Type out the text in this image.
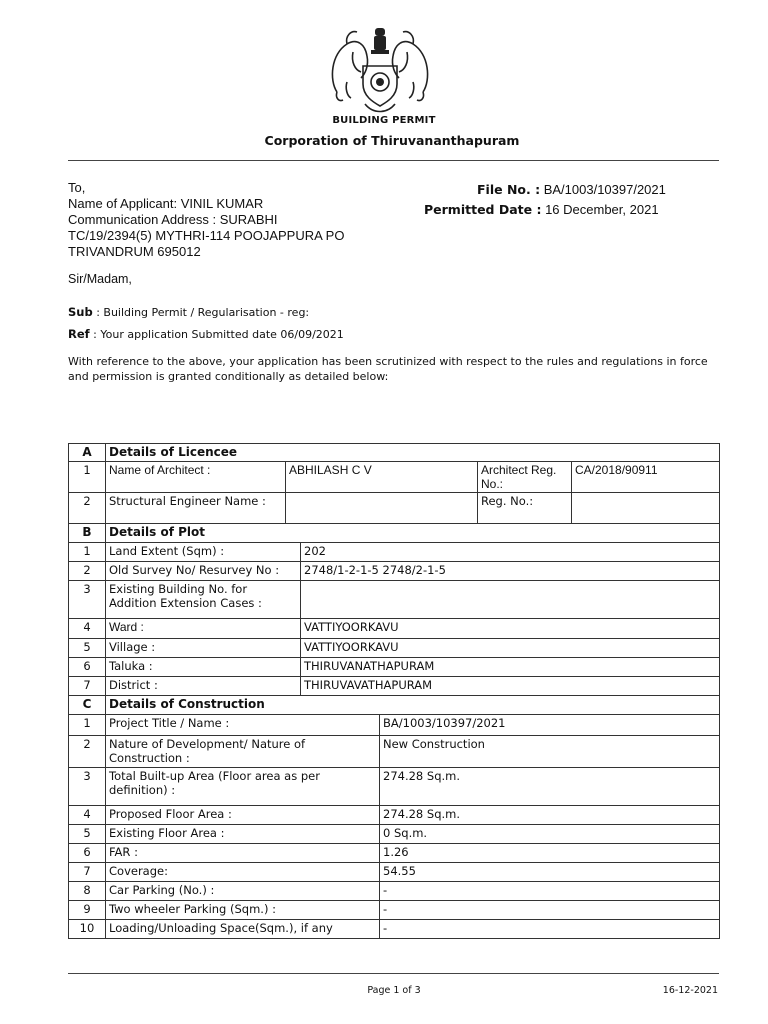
BUILDING PERMIT
Corporation of Thiruvananthapuram
To,
Name of Applicant: VINIL KUMAR
Communication Address : SURABHI
TC/19/2394(5) MYTHRI-114 POOJAPPURA PO
TRIVANDRUM 695012
File No. : BA/1003/10397/2021
Permitted Date : 16 December, 2021
Sir/Madam,
Sub : Building Permit / Regularisation - reg:
Ref : Your application Submitted date 06/09/2021
With reference to the above, your application has been scrutinized with respect to the rules and regulations in force and permission is granted conditionally as detailed below:
A	Details of Licencee					
1	Name of Architect :	ABHILASH C V			Architect Reg. No.:	CA/2018/90911
2	Structural Engineer Name :				Reg. No.:	
B	Details of Plot					
1	Land Extent (Sqm) :		202			
2	Old Survey No/ Resurvey No :		2748/1-2-1-5 2748/2-1-5			
3	Existing Building No. for Addition Extension Cases :					
4	Ward :		VATTIYOORKAVU			
5	Village :		VATTIYOORKAVU			
6	Taluka :		THIRUVANATHAPURAM			
7	District :		THIRUVAVATHAPURAM			
C	Details of Construction					
1	Project Title / Name :			BA/1003/10397/2021		
2	Nature of Development/ Nature of Construction :			New Construction		
3	Total Built-up Area (Floor area as per definition) :			274.28 Sq.m.		
4	Proposed Floor Area :			274.28 Sq.m.		
5	Existing Floor Area :			0 Sq.m.		
6	FAR :			1.26		
7	Coverage:			54.55		
8	Car Parking (No.) :			-		
9	Two wheeler Parking (Sqm.) :			-		
10	Loading/Unloading Space(Sqm.), if any			-		
Page 1 of 3	16-12-2021
